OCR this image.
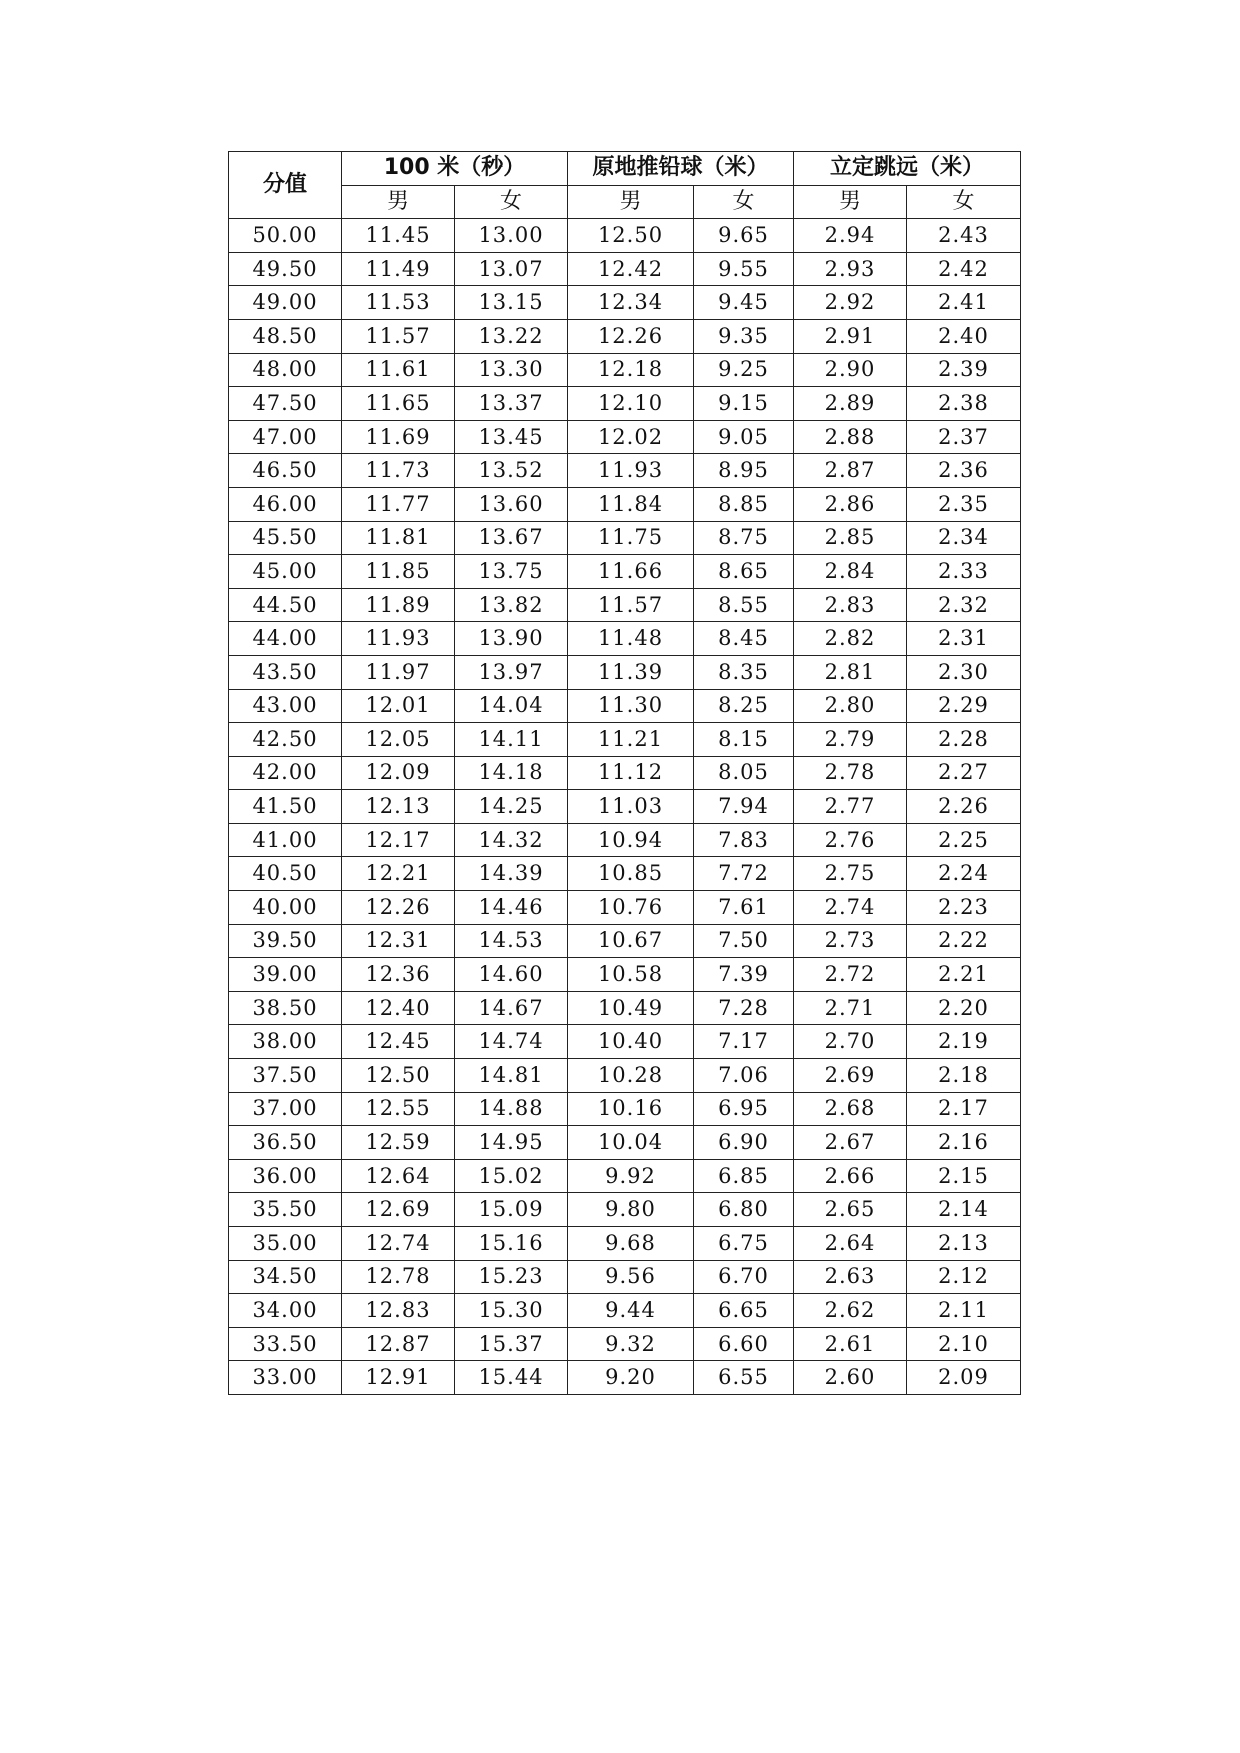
分值	100 米（秒）		原地推铅球（米）		立定跳远（米）	
	男	女	男	女	男	女
50.00	11.45	13.00	12.50	9.65	2.94	2.43
49.50	11.49	13.07	12.42	9.55	2.93	2.42
49.00	11.53	13.15	12.34	9.45	2.92	2.41
48.50	11.57	13.22	12.26	9.35	2.91	2.40
48.00	11.61	13.30	12.18	9.25	2.90	2.39
47.50	11.65	13.37	12.10	9.15	2.89	2.38
47.00	11.69	13.45	12.02	9.05	2.88	2.37
46.50	11.73	13.52	11.93	8.95	2.87	2.36
46.00	11.77	13.60	11.84	8.85	2.86	2.35
45.50	11.81	13.67	11.75	8.75	2.85	2.34
45.00	11.85	13.75	11.66	8.65	2.84	2.33
44.50	11.89	13.82	11.57	8.55	2.83	2.32
44.00	11.93	13.90	11.48	8.45	2.82	2.31
43.50	11.97	13.97	11.39	8.35	2.81	2.30
43.00	12.01	14.04	11.30	8.25	2.80	2.29
42.50	12.05	14.11	11.21	8.15	2.79	2.28
42.00	12.09	14.18	11.12	8.05	2.78	2.27
41.50	12.13	14.25	11.03	7.94	2.77	2.26
41.00	12.17	14.32	10.94	7.83	2.76	2.25
40.50	12.21	14.39	10.85	7.72	2.75	2.24
40.00	12.26	14.46	10.76	7.61	2.74	2.23
39.50	12.31	14.53	10.67	7.50	2.73	2.22
39.00	12.36	14.60	10.58	7.39	2.72	2.21
38.50	12.40	14.67	10.49	7.28	2.71	2.20
38.00	12.45	14.74	10.40	7.17	2.70	2.19
37.50	12.50	14.81	10.28	7.06	2.69	2.18
37.00	12.55	14.88	10.16	6.95	2.68	2.17
36.50	12.59	14.95	10.04	6.90	2.67	2.16
36.00	12.64	15.02	9.92	6.85	2.66	2.15
35.50	12.69	15.09	9.80	6.80	2.65	2.14
35.00	12.74	15.16	9.68	6.75	2.64	2.13
34.50	12.78	15.23	9.56	6.70	2.63	2.12
34.00	12.83	15.30	9.44	6.65	2.62	2.11
33.50	12.87	15.37	9.32	6.60	2.61	2.10
33.00	12.91	15.44	9.20	6.55	2.60	2.09
